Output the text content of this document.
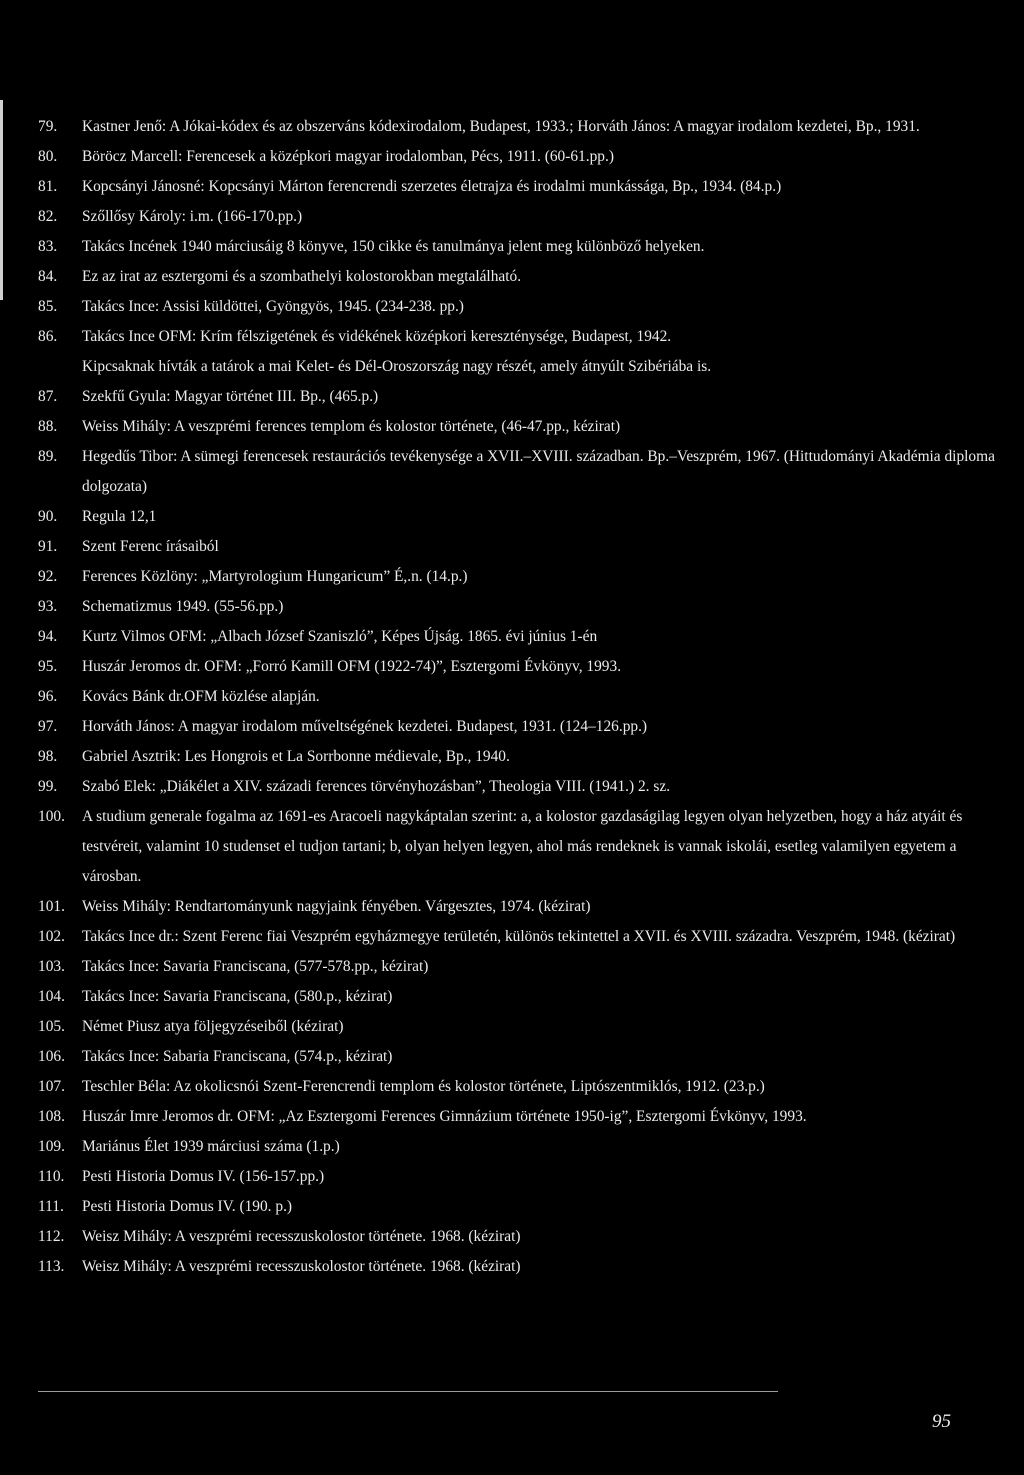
79.	Kastner Jenő: A Jókai-kódex és az obszerváns kódexirodalom, Budapest, 1933.; Horváth János: A magyar irodalom kezdetei, Bp., 1931.
80.	Böröcz Marcell: Ferencesek a középkori magyar irodalomban, Pécs, 1911. (60-61.pp.)
81.	Kopcsányi Jánosné: Kopcsányi Márton ferencrendi szerzetes életrajza és irodalmi munkássága, Bp., 1934. (84.p.)
82.	Szőllősy Károly: i.m. (166-170.pp.)
83.	Takács Incének 1940 márciusáig 8 könyve, 150 cikke és tanulmánya jelent meg különböző helyeken.
84.	Ez az irat az esztergomi és a szombathelyi kolostorokban megtalálható.
85.	Takács Ince: Assisi küldöttei, Gyöngyös, 1945. (234-238. pp.)
86.	Takács Ince OFM: Krím félszigetének és vidékének középkori kereszténysége, Budapest, 1942.
Kipcsaknak hívták a tatárok a mai Kelet- és Dél-Oroszország nagy részét, amely átnyúlt Szibériába is.
87.	Szekfű Gyula: Magyar történet III. Bp., (465.p.)
88.	Weiss Mihály: A veszprémi ferences templom és kolostor története, (46-47.pp., kézirat)
89.	Hegedűs Tibor: A sümegi ferencesek restaurációs tevékenysége a XVII.–XVIII. században. Bp.–Veszprém, 1967. (Hittudományi Akadémia diploma dolgozata)
90.	Regula 12,1
91.	Szent Ferenc írásaiból
92.	Ferences Közlöny: „Martyrologium Hungaricum” É,.n. (14.p.)
93.	Schematizmus 1949. (55-56.pp.)
94.	Kurtz Vilmos OFM: „Albach József Szaniszló”, Képes Újság. 1865. évi június 1-én
95.	Huszár Jeromos dr. OFM: „Forró Kamill OFM (1922-74)”, Esztergomi Évkönyv, 1993.
96.	Kovács Bánk dr.OFM közlése alapján.
97.	Horváth János: A magyar irodalom műveltségének kezdetei. Budapest, 1931. (124–126.pp.)
98.	Gabriel Asztrik: Les Hongrois et La Sorrbonne médievale, Bp., 1940.
99.	Szabó Elek: „Diákélet a XIV. századi ferences törvényhozásban”, Theologia VIII. (1941.) 2. sz.
100.	A studium generale fogalma az 1691-es Aracoeli nagykáptalan szerint: a, a kolostor gazdaságilag legyen olyan helyzetben, hogy a ház atyáit és testvéreit, valamint 10 studenset el tudjon tartani; b, olyan helyen legyen, ahol más rendeknek is vannak iskolái, esetleg valamilyen egyetem a városban.
101.	Weiss Mihály: Rendtartományunk nagyjaink fényében. Várgesztes, 1974. (kézirat)
102.	Takács Ince dr.: Szent Ferenc fiai Veszprém egyházmegye területén, különös tekintettel a XVII. és XVIII. századra. Veszprém, 1948. (kézirat)
103.	Takács Ince: Savaria Franciscana, (577-578.pp., kézirat)
104.	Takács Ince: Savaria Franciscana, (580.p., kézirat)
105.	Német Piusz atya följegyzéseiből (kézirat)
106.	Takács Ince: Sabaria Franciscana, (574.p., kézirat)
107.	Teschler Béla: Az okolicsnói Szent-Ferencrendi templom és kolostor története, Liptószentmiklós, 1912. (23.p.)
108.	Huszár Imre Jeromos dr. OFM: „Az Esztergomi Ferences Gimnázium története 1950-ig”, Esztergomi Évkönyv, 1993.
109.	Mariánus Élet 1939 márciusi száma (1.p.)
110.	Pesti Historia Domus IV. (156-157.pp.)
111.	Pesti Historia Domus IV. (190. p.)
112.	Weisz Mihály: A veszprémi recesszuskolostor története. 1968. (kézirat)
113.	Weisz Mihály: A veszprémi recesszuskolostor története. 1968. (kézirat)
95
